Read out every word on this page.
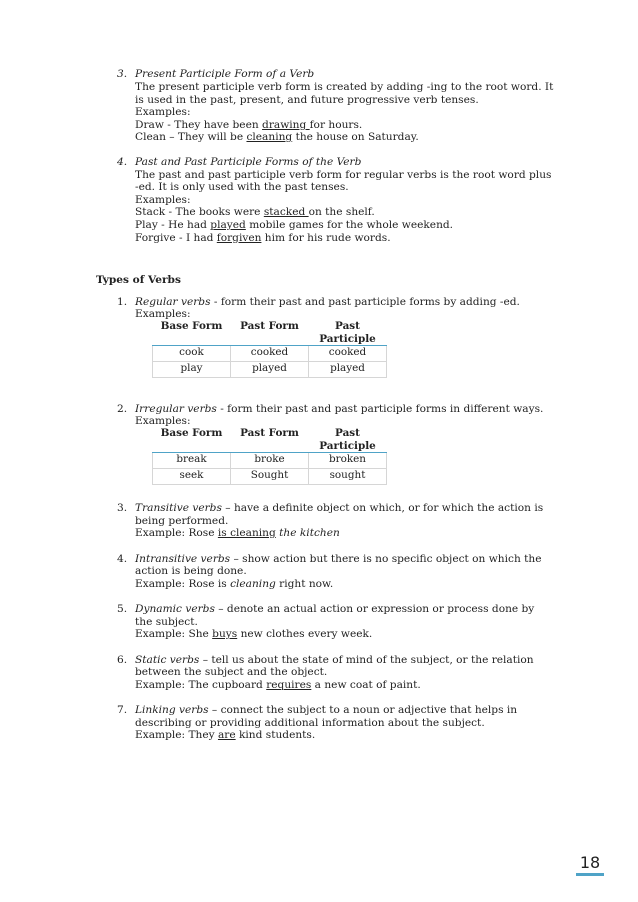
3. Present Participle Form of a Verb
The present participle verb form is created by adding -ing to the root word. It
is used in the past, present, and future progressive verb tenses.
Examples:
Draw - They have been drawing for hours.
Clean – They will be cleaning the house on Saturday.
4. Past and Past Participle Forms of the Verb
The past and past participle verb form for regular verbs is the root word plus
-ed. It is only used with the past tenses.
Examples:
Stack - The books were stacked on the shelf.
Play - He had played mobile games for the whole weekend.
Forgive - I had forgiven him for his rude words.
Types of Verbs
1. Regular verbs - form their past and past participle forms by adding -ed.
Examples:
Base Form	Past Form	Past Participle
cook	cooked	cooked
play	played	played
2. Irregular verbs - form their past and past participle forms in different ways.
Examples:
Base Form	Past Form	Past Participle
break	broke	broken
seek	Sought	sought
3. Transitive verbs – have a definite object on which, or for which the action is
being performed.
Example: Rose is cleaning the kitchen
4. Intransitive verbs – show action but there is no specific object on which the
action is being done.
Example: Rose is cleaning right now.
5. Dynamic verbs – denote an actual action or expression or process done by
the subject.
Example: She buys new clothes every week.
6. Static verbs – tell us about the state of mind of the subject, or the relation
between the subject and the object.
Example: The cupboard requires a new coat of paint.
7. Linking verbs – connect the subject to a noun or adjective that helps in
describing or providing additional information about the subject.
Example: They are kind students.
18
